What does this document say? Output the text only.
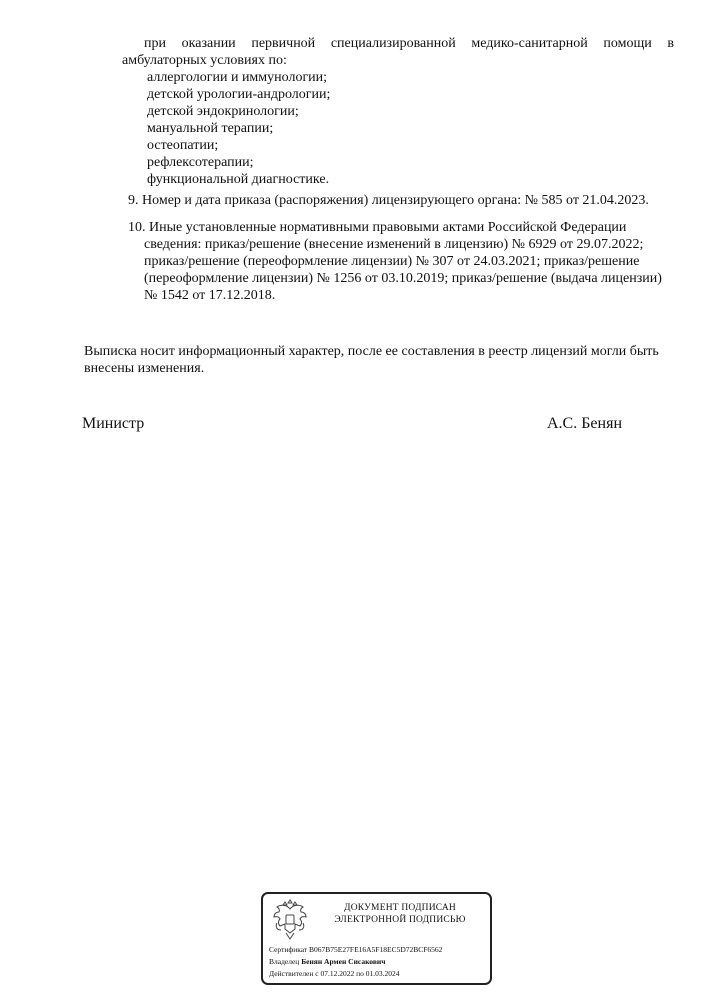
при оказании первичной специализированной медико-санитарной помощи в
амбулаторных условиях по:
аллергологии и иммунологии;
детской урологии-андрологии;
детской эндокринологии;
мануальной терапии;
остеопатии;
рефлексотерапии;
функциональной диагностике.
9. Номер и дата приказа (распоряжения) лицензирующего органа: № 585 от 21.04.2023.
10. Иные установленные нормативными правовыми актами Российской Федерации
сведения: приказ/решение (внесение изменений в лицензию) № 6929 от 29.07.2022;
приказ/решение (переоформление лицензии) № 307 от 24.03.2021; приказ/решение
(переоформление лицензии) № 1256 от 03.10.2019; приказ/решение (выдача лицензии)
№ 1542 от 17.12.2018.
Выписка носит информационный характер, после ее составления в реестр лицензий могли быть
внесены изменения.
Министр	А.С. Бенян
ДОКУМЕНТ ПОДПИСАН
ЭЛЕКТРОННОЙ ПОДПИСЬЮ
Сертификат B067B75E27FE16A5F18EC5D72BCF6562
Владелец Бенян Армен Сисакович
Действителен с 07.12.2022 по 01.03.2024
